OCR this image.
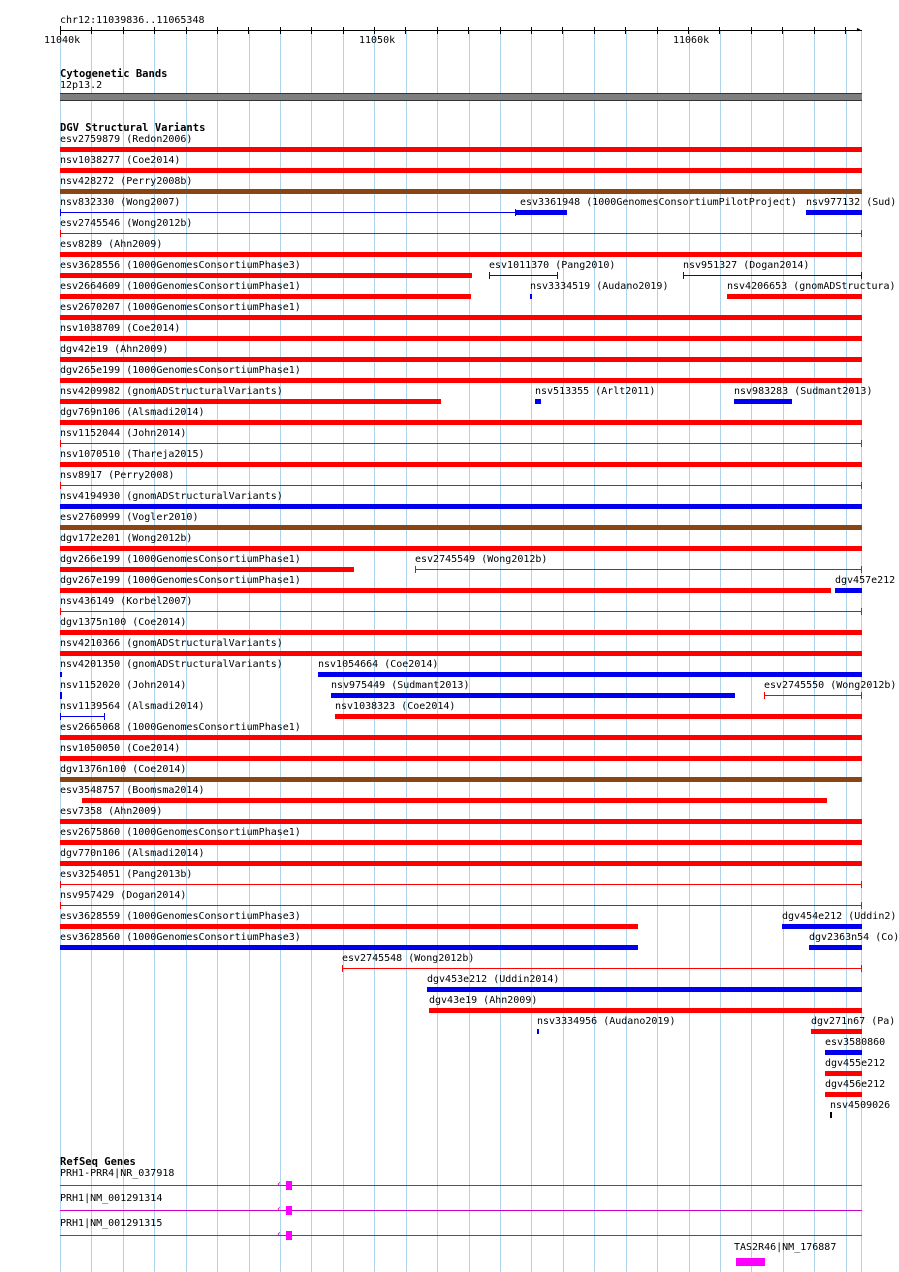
chr12:11039836..11065348
11040k	11050k	11060k
▸
Cytogenetic Bands
12p13.2
DGV Structural Variants
esv2759879 (Redon2006)
nsv1038277 (Coe2014)
nsv428272 (Perry2008b)
nsv832330 (Wong2007)	esv3361948 (1000GenomesConsortiumPilotProject) nsv977132 (Sud)
esv2745546 (Wong2012b)
esv8289 (Ahn2009)
esv3628556 (1000GenomesConsortiumPhase3)	esv1011370 (Pang2010)	nsv951327 (Dogan2014)
esv2664609 (1000GenomesConsortiumPhase1)	nsv3334519 (Audano2019)	nsv4206653 (gnomADStructura)
esv2670207 (1000GenomesConsortiumPhase1)
nsv1038709 (Coe2014)
dgv42e19 (Ahn2009)
dgv265e199 (1000GenomesConsortiumPhase1)
nsv4209982 (gnomADStructuralVariants)	nsv513355 (Arlt2011)	nsv983283 (Sudmant2013)
dgv769n106 (Alsmadi2014)
nsv1152044 (John2014)
nsv1070510 (Thareja2015)
nsv8917 (Perry2008)
nsv4194930 (gnomADStructuralVariants)
esv2760999 (Vogler2010)
dgv172e201 (Wong2012b)
dgv266e199 (1000GenomesConsortiumPhase1)	esv2745549 (Wong2012b)
dgv267e199 (1000GenomesConsortiumPhase1)	dgv457e212
nsv436149 (Korbel2007)
dgv1375n100 (Coe2014)
nsv4210366 (gnomADStructuralVariants)
nsv4201350 (gnomADStructuralVariants)	nsv1054664 (Coe2014)
nsv1152020 (John2014)	nsv975449 (Sudmant2013)	esv2745550 (Wong2012b)
nsv1139564 (Alsmadi2014)	nsv1038323 (Coe2014)
esv2665068 (1000GenomesConsortiumPhase1)
nsv1050050 (Coe2014)
dgv1376n100 (Coe2014)
esv3548757 (Boomsma2014)
esv7358 (Ahn2009)
esv2675860 (1000GenomesConsortiumPhase1)
dgv770n106 (Alsmadi2014)
esv3254051 (Pang2013b)
nsv957429 (Dogan2014)
esv3628559 (1000GenomesConsortiumPhase3)	dgv454e212 (Uddin2)
esv3628560 (1000GenomesConsortiumPhase3)	dgv2363n54 (Co)
esv2745548 (Wong2012b)
dgv453e212 (Uddin2014)
dgv43e19 (Ahn2009)
nsv3334956 (Audano2019)	dgv271n67 (Pa)
esv3580860
dgv455e212
dgv456e212
nsv4509026
RefSeq Genes
PRH1-PRR4|NR_037918
‹
PRH1|NM_001291314
‹
PRH1|NM_001291315
‹
TAS2R46|NM_176887
